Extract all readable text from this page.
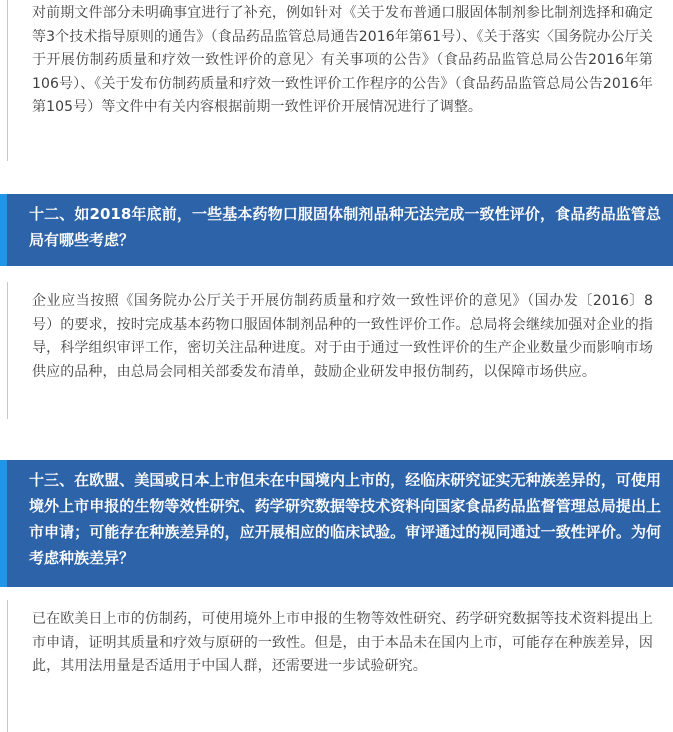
对前期文件部分未明确事宜进行了补充，例如针对《关于发布普通口服固体制剂参比制剂选择和确定等3个技术指导原则的通告》（食品药品监管总局通告2016年第61号）、《关于落实〈国务院办公厅关于开展仿制药质量和疗效一致性评价的意见〉有关事项的公告》（食品药品监管总局公告2016年第106号）、《关于发布仿制药质量和疗效一致性评价工作程序的公告》（食品药品监管总局公告2016年第105号）等文件中有关内容根据前期一致性评价开展情况进行了调整。

十二、如2018年底前，一些基本药物口服固体制剂品种无法完成一致性评价，食品药品监管总局有哪些考虑？

企业应当按照《国务院办公厅关于开展仿制药质量和疗效一致性评价的意见》（国办发〔2016〕8号）的要求，按时完成基本药物口服固体制剂品种的一致性评价工作。总局将会继续加强对企业的指导，科学组织审评工作，密切关注品种进度。对于由于通过一致性评价的生产企业数量少而影响市场供应的品种，由总局会同相关部委发布清单，鼓励企业研发申报仿制药，以保障市场供应。

十三、在欧盟、美国或日本上市但未在中国境内上市的，经临床研究证实无种族差异的，可使用境外上市申报的生物等效性研究、药学研究数据等技术资料向国家食品药品监督管理总局提出上市申请；可能存在种族差异的，应开展相应的临床试验。审评通过的视同通过一致性评价。为何考虑种族差异？

已在欧美日上市的仿制药，可使用境外上市申报的生物等效性研究、药学研究数据等技术资料提出上市申请，证明其质量和疗效与原研的一致性。但是，由于本品未在国内上市，可能存在种族差异，因此，其用法用量是否适用于中国人群，还需要进一步试验研究。
